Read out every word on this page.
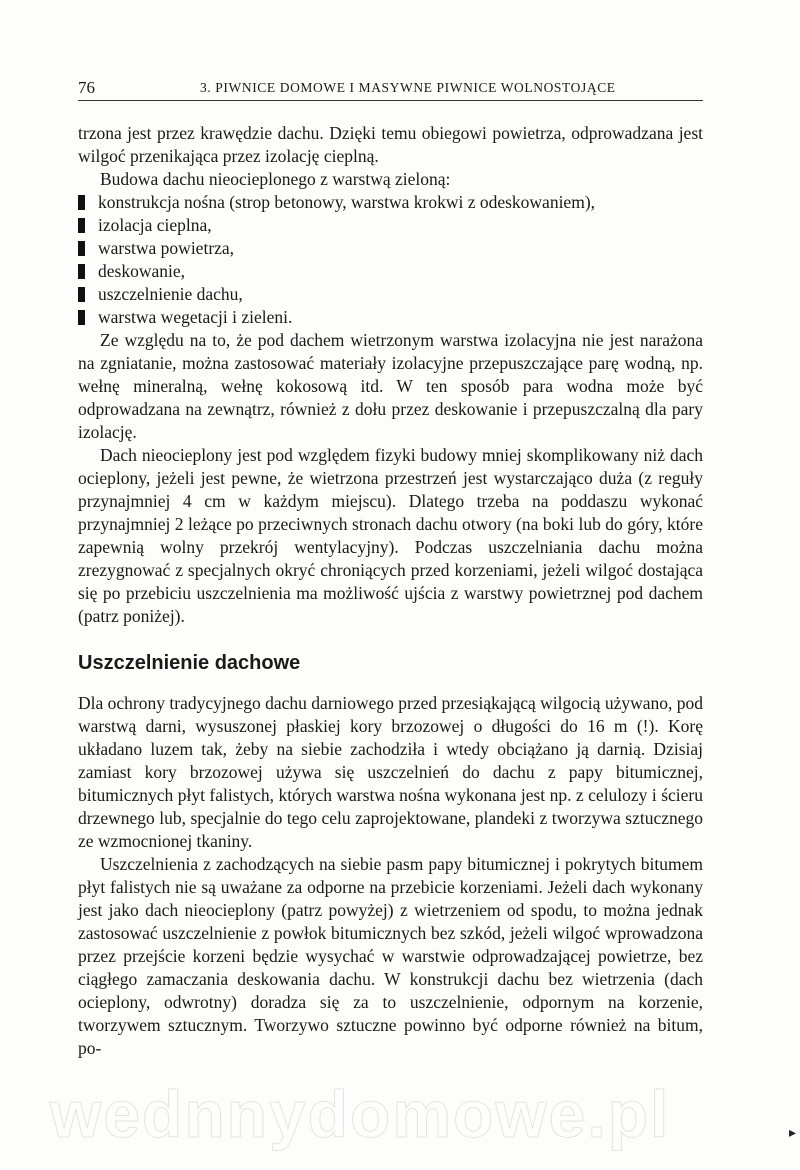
76	3. PIWNICE DOMOWE I MASYWNE PIWNICE WOLNOSTOJĄCE

trzona jest przez krawędzie dachu. Dzięki temu obiegowi powietrza, odprowadzana jest wilgoć przenikająca przez izolację cieplną.

Budowa dachu nieocieplonego z warstwą zieloną:

konstrukcja nośna (strop betonowy, warstwa krokwi z odeskowaniem),
izolacja cieplna,
warstwa powietrza,
deskowanie,
uszczelnienie dachu,
warstwa wegetacji i zieleni.

Ze względu na to, że pod dachem wietrzonym warstwa izolacyjna nie jest narażona na zgniatanie, można zastosować materiały izolacyjne przepuszczające parę wodną, np. wełnę mineralną, wełnę kokosową itd. W ten sposób para wodna może być odprowadzana na zewnątrz, również z dołu przez deskowanie i przepuszczalną dla pary izolację.

Dach nieocieplony jest pod względem fizyki budowy mniej skomplikowany niż dach ocieplony, jeżeli jest pewne, że wietrzona przestrzeń jest wystarczająco duża (z reguły przynajmniej 4 cm w każdym miejscu). Dlatego trzeba na poddaszu wykonać przynajmniej 2 leżące po przeciwnych stronach dachu otwory (na boki lub do góry, które zapewnią wolny przekrój wentylacyjny). Podczas uszczelniania dachu można zrezygnować z specjalnych okryć chroniących przed korzeniami, jeżeli wilgoć dostająca się po przebiciu uszczelnienia ma możliwość ujścia z warstwy powietrznej pod dachem (patrz poniżej).

Uszczelnienie dachowe

Dla ochrony tradycyjnego dachu darniowego przed przesiąkającą wilgocią używano, pod warstwą darni, wysuszonej płaskiej kory brzozowej o długości do 16 m (!). Korę układano luzem tak, żeby na siebie zachodziła i wtedy obciążano ją darnią. Dzisiaj zamiast kory brzozowej używa się uszczelnień do dachu z papy bitumicznej, bitumicznych płyt falistych, których warstwa nośna wykonana jest np. z celulozy i ścieru drzewnego lub, specjalnie do tego celu zaprojektowane, plandeki z tworzywa sztucznego ze wzmocnionej tkaniny.

Uszczelnienia z zachodzących na siebie pasm papy bitumicznej i pokrytych bitumem płyt falistych nie są uważane za odporne na przebicie korzeniami. Jeżeli dach wykonany jest jako dach nieocieplony (patrz powyżej) z wietrzeniem od spodu, to można jednak zastosować uszczelnienie z powłok bitumicznych bez szkód, jeżeli wilgoć wprowadzona przez przejście korzeni będzie wysychać w warstwie odprowadzającej powietrze, bez ciągłego zamaczania deskowania dachu. W konstrukcji dachu bez wietrzenia (dach ocieplony, odwrotny) doradza się za to uszczelnienie, odpornym na korzenie, tworzywem sztucznym. Tworzywo sztuczne powinno być odporne również na bitum, po-

wednnydomowe.pl	▸
